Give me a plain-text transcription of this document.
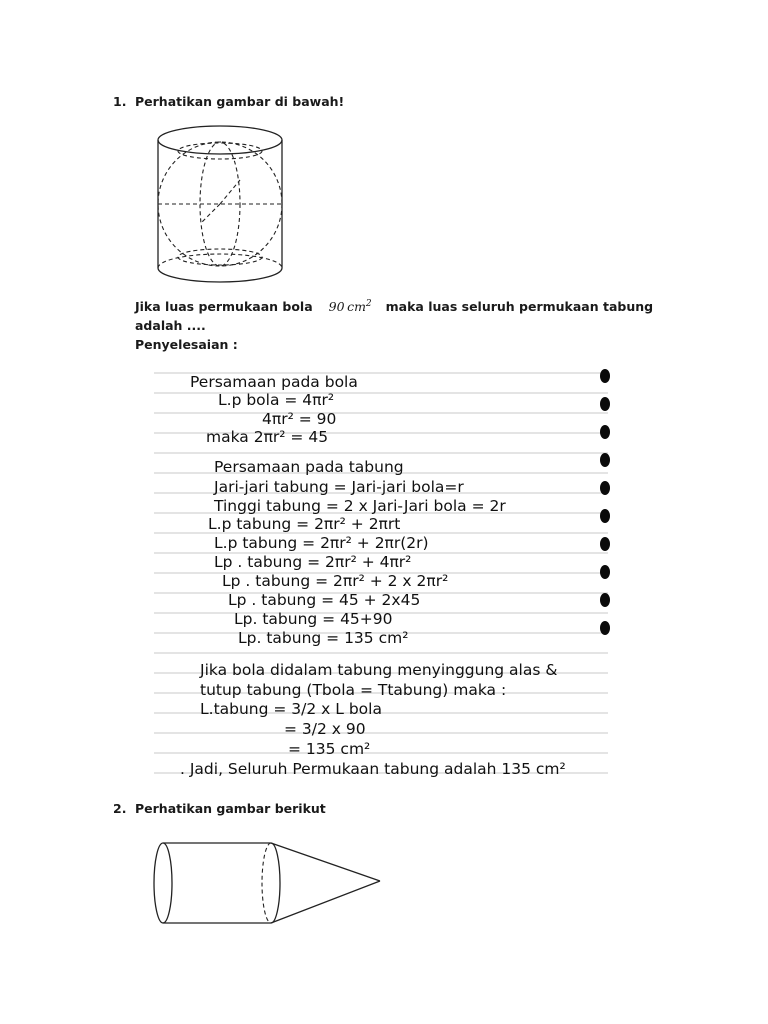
1. Perhatikan gambar di bawah!
Jika luas permukaan bola 90  $cm^2$ maka luas seluruh permukaan tabung
adalah ....
Penyelesaian :
Persamaan pada bola
L.p bola = 4πr²
4πr² = 90
maka 2πr² = 45
Persamaan pada tabung
Jari-jari tabung = Jari-jari bola=r
Tinggi tabung = 2 x Jari-Jari bola = 2r
L.p tabung = 2πr² + 2πrt
L.p tabung = 2πr² + 2πr(2r)
Lp . tabung = 2πr² + 4πr²
Lp . tabung = 2πr² + 2 x 2πr²
Lp . tabung = 45 + 2x45
Lp. tabung = 45+90
Lp. tabung = 135 cm²
Jika bola didalam tabung menyinggung alas &
tutup tabung (Tbola = Ttabung) maka :
L.tabung = 3/2 x L bola
= 3/2 x 90
= 135 cm²
. Jadi, Seluruh Permukaan tabung adalah 135 cm²
2. Perhatikan gambar berikut
